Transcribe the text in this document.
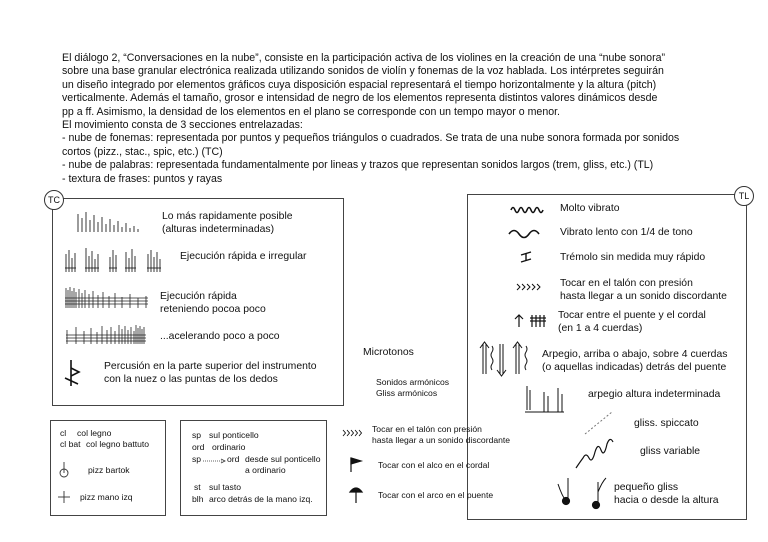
El diálogo 2, “Conversaciones en la nube”, consiste en la participación activa de los violines en la creación de una “nube sonora”

sobre una base granular electrónica realizada utilizando sonidos de violín y fonemas de la voz hablada. Los intérpretes seguirán

un diseño integrado por elementos gráficos cuya disposición espacial representará el tiempo horizontalmente y la altura (pitch)

verticalmente. Además el tamaño, grosor e intensidad de negro de los elementos representa distintos valores dinámicos desde

pp a ff. Asimismo, la densidad de los elementos en el plano se corresponde con un tempo mayor o menor.

El movimiento consta de 3 secciones entrelazadas:

- nube de fonemas: representada por puntos y pequeños triángulos o cuadrados. Se trata de una nube sonora formada por sonidos

cortos (pizz., stac., spic, etc.) (TC)

- nube de palabras: representada fundamentalmente por lineas y trazos que representan sonidos largos (trem, gliss, etc.) (TL)

- textura de frases: puntos y rayas

TC
Lo más rapidamente posible
(alturas indeterminadas)
Ejecución rápida e irregular
Ejecución rápida
reteniendo pocoa poco
...acelerando poco a poco
Percusión en la parte superior del instrumento
con la nuez o las puntas de los dedos
TL
Molto vibrato
Vibrato lento con 1/4 de tono
Trémolo sin medida muy rápido
Tocar en el talón con presión
hasta llegar a un sonido discordante
Tocar entre el puente y el cordal
(en 1 a 4 cuerdas)
Arpegio, arriba o abajo, sobre 4 cuerdas
(o aquellas indicadas) detrás del puente
arpegio altura indeterminada
gliss. spiccato
gliss variable
pequeño gliss
hacia o desde la altura
Microtonos
Sonidos armónicos
Gliss armónicos
Tocar en el talón con presión
hasta llegar a un sonido discordante
Tocar con el alco en el cordal
Tocar con el arco en el puente
cl col legno
cl bat col legno battuto
pizz bartok
pizz mano izq
sp sul ponticello
ord ordinario
sp	ord desde sul ponticello
a ordinario
st sul tasto
blh arco detrás de la mano izq.
